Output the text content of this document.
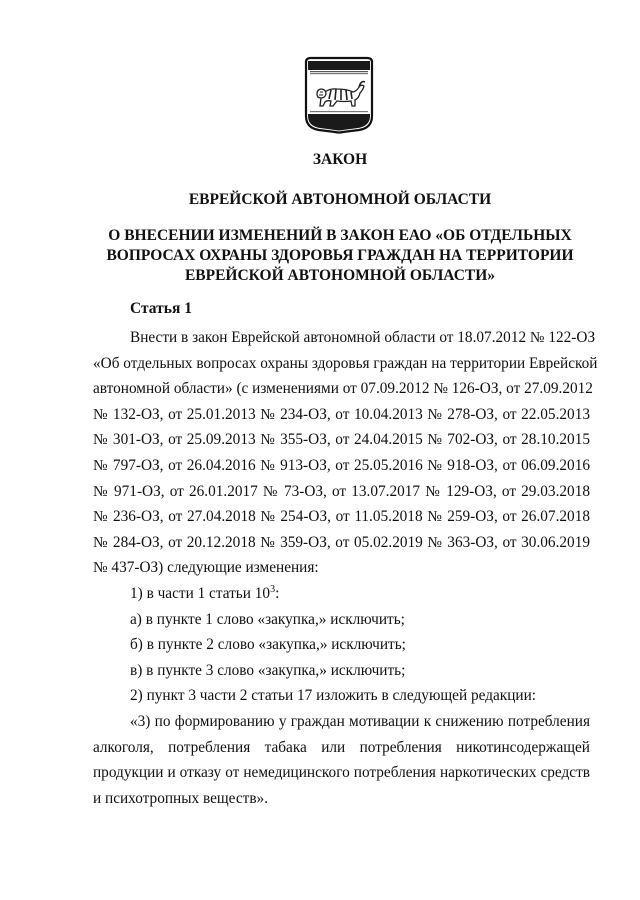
ЗАКОН
ЕВРЕЙСКОЙ АВТОНОМНОЙ ОБЛАСТИ
О ВНЕСЕНИИ ИЗМЕНЕНИЙ В ЗАКОН ЕАО «ОБ ОТДЕЛЬНЫХ
ВОПРОСАХ ОХРАНЫ ЗДОРОВЬЯ ГРАЖДАН НА ТЕРРИТОРИИ
ЕВРЕЙСКОЙ АВТОНОМНОЙ ОБЛАСТИ»
Статья 1

Внести в закон Еврейской автономной области от 18.07.2012 № 122-ОЗ
«Об отдельных вопросах охраны здоровья граждан на территории Еврейской
автономной области» (с изменениями от 07.09.2012 № 126-ОЗ, от 27.09.2012
№ 132-ОЗ, от 25.01.2013 № 234-ОЗ, от 10.04.2013 № 278-ОЗ, от 22.05.2013
№ 301-ОЗ, от 25.09.2013 № 355-ОЗ, от 24.04.2015 № 702-ОЗ, от 28.10.2015
№ 797-ОЗ, от 26.04.2016 № 913-ОЗ, от 25.05.2016 № 918-ОЗ, от 06.09.2016
№ 971-ОЗ, от 26.01.2017 № 73-ОЗ, от 13.07.2017 № 129-ОЗ, от 29.03.2018
№ 236-ОЗ, от 27.04.2018 № 254-ОЗ, от 11.05.2018 № 259-ОЗ, от 26.07.2018
№ 284-ОЗ, от 20.12.2018 № 359-ОЗ, от 05.02.2019 № 363-ОЗ, от 30.06.2019
№ 437-ОЗ) следующие изменения:

1) в части 1 статьи $10^3$:

а) в пункте 1 слово «закупка,» исключить;

б) в пункте 2 слово «закупка,» исключить;

в) в пункте 3 слово «закупка,» исключить;

2) пункт 3 части 2 статьи 17 изложить в следующей редакции:

«3) по формированию у граждан мотивации к снижению потребления
алкоголя, потребления табака или потребления никотинсодержащей
продукции и отказу от немедицинского потребления наркотических средств
и психотропных веществ».
